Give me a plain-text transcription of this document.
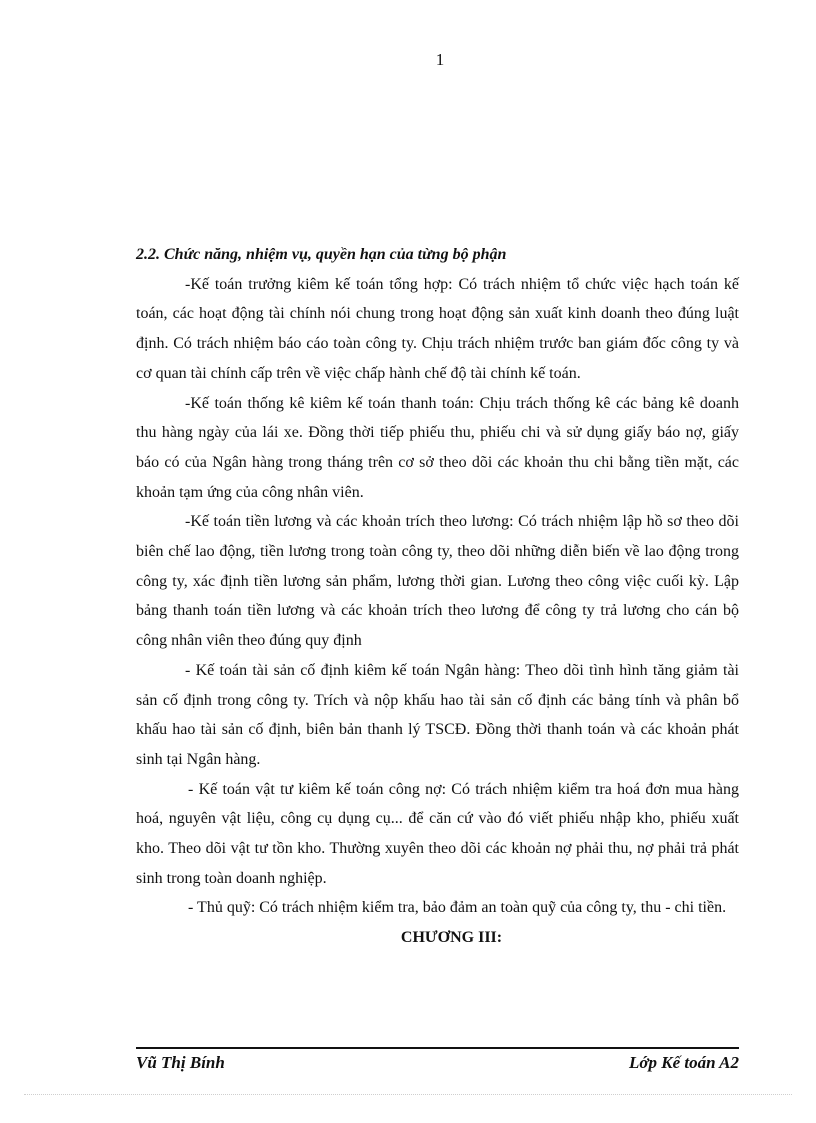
1

2.2. Chức năng, nhiệm vụ, quyền hạn của từng bộ phận

-Kế toán trưởng kiêm kế toán tổng hợp: Có trách nhiệm tổ chức việc hạch toán kế toán, các hoạt động tài chính nói chung trong hoạt động sản xuất kinh doanh theo đúng luật định. Có trách nhiệm báo cáo toàn công ty. Chịu trách nhiệm trước ban giám đốc công ty và cơ quan tài chính cấp trên về việc chấp hành chế độ tài chính kế toán.

-Kế toán thống kê kiêm kế toán thanh toán: Chịu trách thống kê các bảng kê doanh thu hàng ngày của lái xe. Đồng thời tiếp phiếu thu, phiếu chi và sử dụng giấy báo nợ, giấy báo có của Ngân hàng trong tháng trên cơ sở theo dõi các khoản thu chi bằng tiền mặt, các khoản tạm ứng của công nhân viên.

-Kế toán tiền lương và các khoản trích theo lương: Có trách nhiệm lập hồ sơ theo dõi biên chế lao động, tiền lương trong toàn công ty, theo dõi những diễn biến về lao động trong công ty, xác định tiền lương sản phẩm, lương thời gian. Lương theo công việc cuối kỳ. Lập bảng thanh toán tiền lương và các khoản trích theo lương để công ty trả lương cho cán bộ công nhân viên theo đúng quy định

- Kế toán tài sản cố định kiêm kế toán Ngân hàng: Theo dõi tình hình tăng giảm tài sản cố định trong công ty. Trích và nộp khấu hao tài sản cố định các bảng tính và phân bổ khấu hao tài sản cố định, biên bản thanh lý TSCĐ. Đồng thời thanh toán và các khoản phát sinh tại Ngân hàng.

- Kế toán vật tư kiêm kế toán công nợ: Có trách nhiệm kiểm tra hoá đơn mua hàng hoá, nguyên vật liệu, công cụ dụng cụ... để căn cứ vào đó viết phiếu nhập kho, phiếu xuất kho. Theo dõi vật tư tồn kho. Thường xuyên theo dõi các khoản nợ phải thu, nợ phải trả phát sinh trong toàn doanh nghiệp.

- Thủ quỹ: Có trách nhiệm kiểm tra, bảo đảm an toàn quỹ của công ty, thu - chi tiền.

CHƯƠNG III:

Vũ Thị Bính	Lớp Kế toán A2
